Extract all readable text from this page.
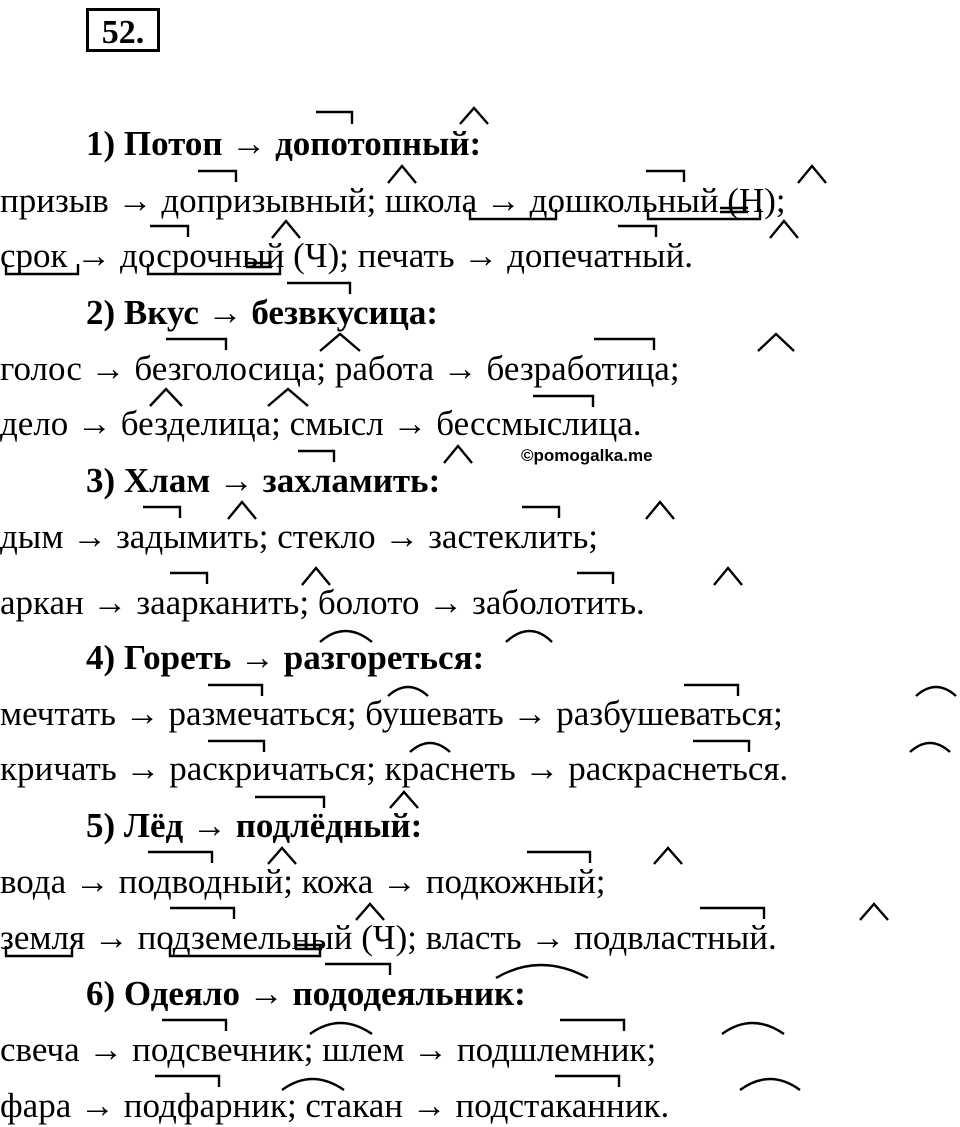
52.
1) Потоп → допотопный:
призыв → допризывный; школа → дошкольный (Н);
срок → досрочный (Ч); печать → допечатный.
2) Вкус → безвкусица:
голос → безголосица; работа → безработица;
дело → безделица; смысл → бессмыслица.
3) Хлам → захламить:
дым → задымить; стекло → застеклить;
аркан → заарканить; болото → заболотить.
4) Гореть → разгореться:
мечтать → размечаться; бушевать → разбушеваться;
кричать → раскричаться; краснеть → раскраснеться.
5) Лёд → подлёдный:
вода → подводный; кожа → подкожный;
земля → подземельный (Ч); власть → подвластный.
6) Одеяло → пододеяльник:
свеча → подсвечник; шлем → подшлемник;
фара → подфарник; стакан → подстаканник.
©pomogalka.me
